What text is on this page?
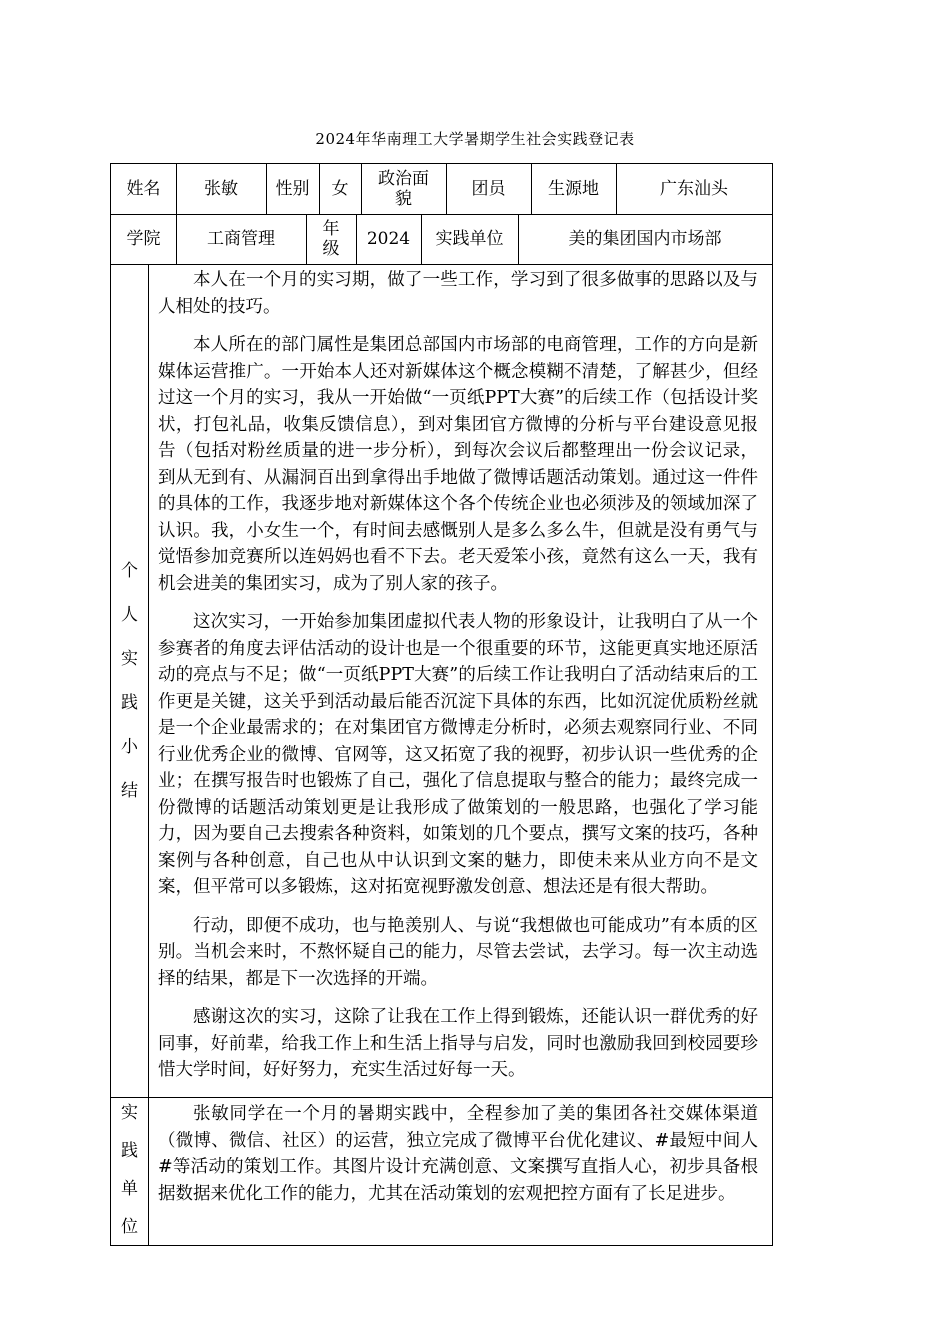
2024年华南理工大学暑期学生社会实践登记表
姓名	张敏	性别	女	政治面貌	团员	生源地	广东汕头
学院	工商管理	年级	2024	实践单位	美的集团国内市场部
个
人
实
践
小
结

本人在一个月的实习期，做了一些工作，学习到了很多做事的思路以及与人相处的技巧。

本人所在的部门属性是集团总部国内市场部的电商管理，工作的方向是新媒体运营推广。一开始本人还对新媒体这个概念模糊不清楚，了解甚少，但经过这一个月的实习，我从一开始做“一页纸PPT大赛”的后续工作（包括设计奖状，打包礼品，收集反馈信息），到对集团官方微博的分析与平台建设意见报告（包括对粉丝质量的进一步分析），到每次会议后都整理出一份会议记录，到从无到有、从漏洞百出到拿得出手地做了微博话题活动策划。通过这一件件的具体的工作，我逐步地对新媒体这个各个传统企业也必须涉及的领域加深了认识。我，小女生一个，有时间去感慨别人是多么多么牛，但就是没有勇气与觉悟参加竞赛所以连妈妈也看不下去。老天爱笨小孩，竟然有这么一天，我有机会进美的集团实习，成为了别人家的孩子。

这次实习，一开始参加集团虚拟代表人物的形象设计，让我明白了从一个参赛者的角度去评估活动的设计也是一个很重要的环节，这能更真实地还原活动的亮点与不足；做“一页纸PPT大赛”的后续工作让我明白了活动结束后的工作更是关键，这关乎到活动最后能否沉淀下具体的东西，比如沉淀优质粉丝就是一个企业最需求的；在对集团官方微博走分析时，必须去观察同行业、不同行业优秀企业的微博、官网等，这又拓宽了我的视野，初步认识一些优秀的企业；在撰写报告时也锻炼了自己，强化了信息提取与整合的能力；最终完成一份微博的话题活动策划更是让我形成了做策划的一般思路，也强化了学习能力，因为要自己去搜索各种资料，如策划的几个要点，撰写文案的技巧，各种案例与各种创意，自己也从中认识到文案的魅力，即使未来从业方向不是文案，但平常可以多锻炼，这对拓宽视野激发创意、想法还是有很大帮助。

行动，即便不成功，也与艳羡别人、与说“我想做也可能成功”有本质的区别。当机会来时，不熬怀疑自己的能力，尽管去尝试，去学习。每一次主动选择的结果，都是下一次选择的开端。

感谢这次的实习，这除了让我在工作上得到锻炼，还能认识一群优秀的好同事，好前辈，给我工作上和生活上指导与启发，同时也激励我回到校园要珍惜大学时间，好好努力，充实生活过好每一天。

实
践
单
位

张敏同学在一个月的暑期实践中，全程参加了美的集团各社交媒体渠道（微博、微信、社区）的运营，独立完成了微博平台优化建议、#最短中间人#等活动的策划工作。其图片设计充满创意、文案撰写直指人心，初步具备根据数据来优化工作的能力，尤其在活动策划的宏观把控方面有了长足进步。
